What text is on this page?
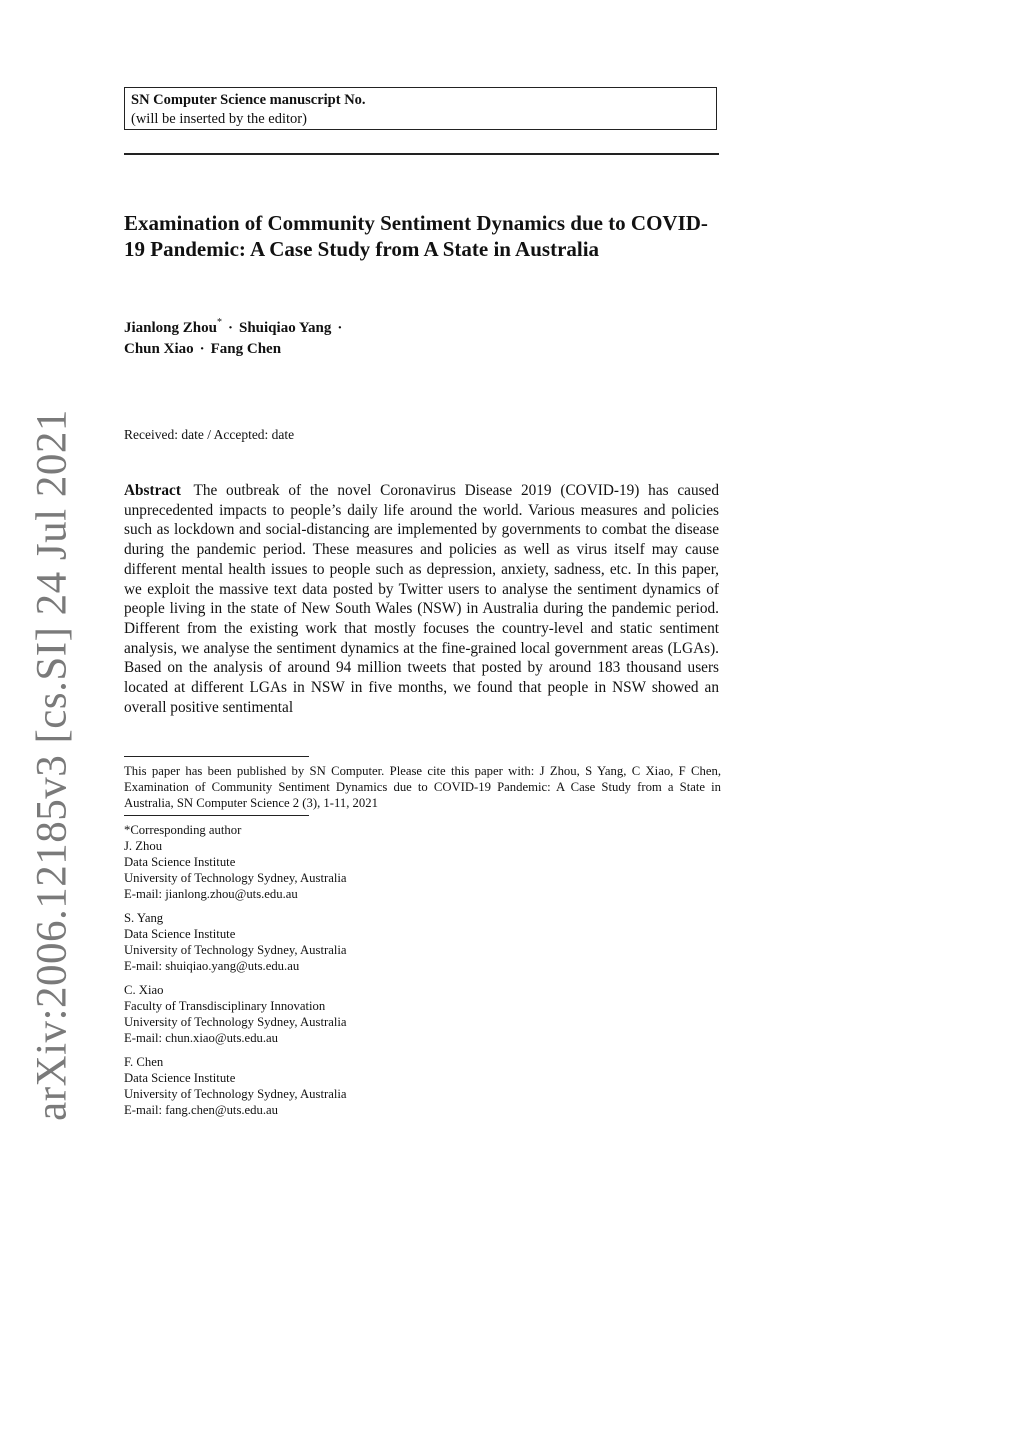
arXiv:2006.12185v3 [cs.SI] 24 Jul 2021
SN Computer Science manuscript No.
(will be inserted by the editor)
Examination of Community Sentiment Dynamics due to COVID-19 Pandemic: A Case Study from A State in Australia
Jianlong Zhou* · Shuiqiao Yang ·
Chun Xiao · Fang Chen
Received: date / Accepted: date
Abstract The outbreak of the novel Coronavirus Disease 2019 (COVID-19) has caused unprecedented impacts to people’s daily life around the world. Various measures and policies such as lockdown and social-distancing are implemented by governments to combat the disease during the pandemic period. These measures and policies as well as virus itself may cause different mental health issues to people such as depression, anxiety, sadness, etc. In this paper, we exploit the massive text data posted by Twitter users to analyse the sentiment dynamics of people living in the state of New South Wales (NSW) in Australia during the pandemic period. Different from the existing work that mostly focuses the country-level and static sentiment analysis, we analyse the sentiment dynamics at the fine-grained local government areas (LGAs). Based on the analysis of around 94 million tweets that posted by around 183 thousand users located at different LGAs in NSW in five months, we found that people in NSW showed an overall positive sentimental
This paper has been published by SN Computer. Please cite this paper with: J Zhou, S Yang, C Xiao, F Chen, Examination of Community Sentiment Dynamics due to COVID-19 Pandemic: A Case Study from a State in Australia, SN Computer Science 2 (3), 1-11, 2021
*Corresponding author
J. Zhou
Data Science Institute
University of Technology Sydney, Australia
E-mail: jianlong.zhou@uts.edu.au
S. Yang
Data Science Institute
University of Technology Sydney, Australia
E-mail: shuiqiao.yang@uts.edu.au
C. Xiao
Faculty of Transdisciplinary Innovation
University of Technology Sydney, Australia
E-mail: chun.xiao@uts.edu.au
F. Chen
Data Science Institute
University of Technology Sydney, Australia
E-mail: fang.chen@uts.edu.au
